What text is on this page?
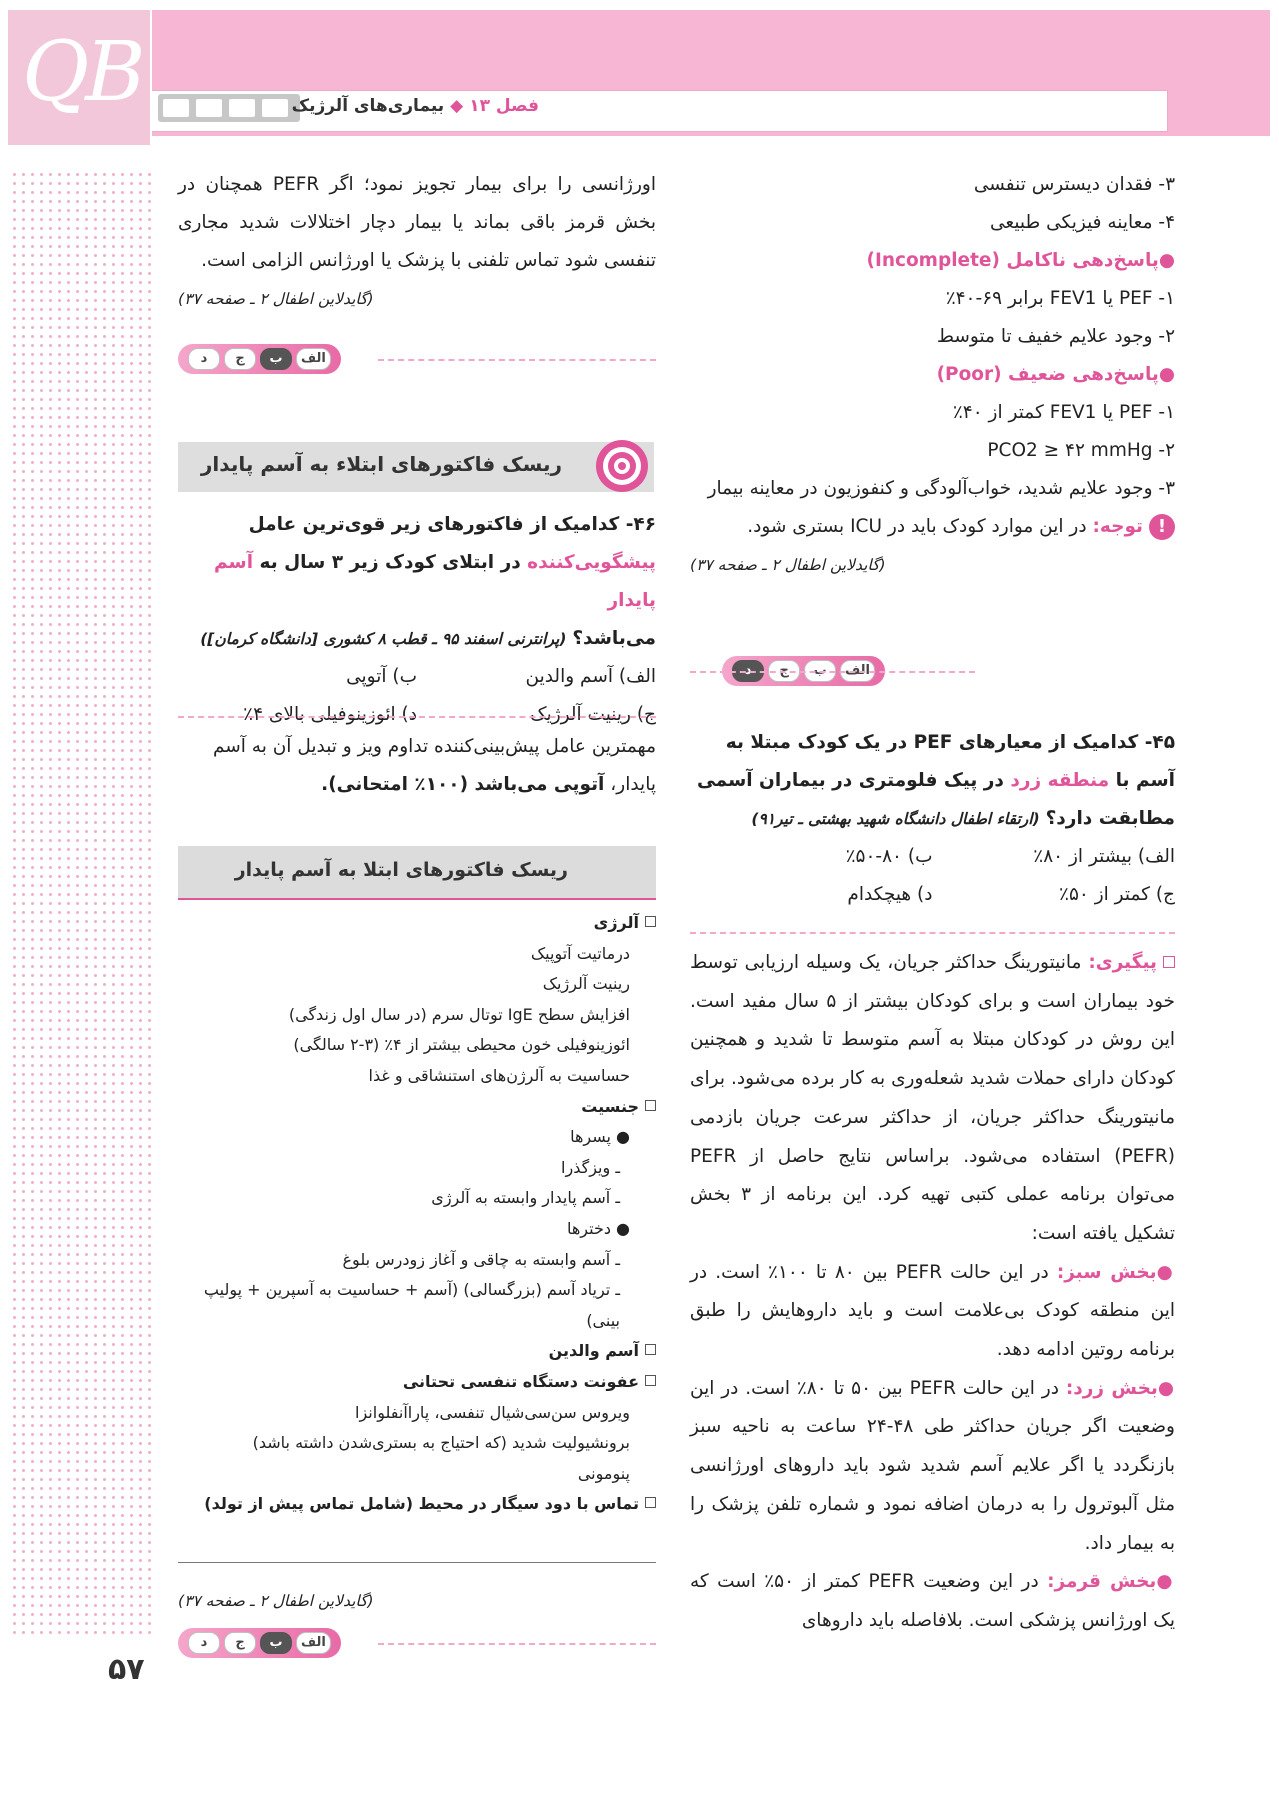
QB	فصل ۱۳◆بیماری‌های آلرژیک
۵۷

۳- فقدان دیسترس تنفسی

۴- معاینه فیزیکی طبیعی

●پاسخ‌دهی ناکامل (Incomplete)

۱- PEF یا FEV1 برابر ۶۹-۴۰٪

۲- وجود علایم خفیف تا متوسط

●پاسخ‌دهی ضعیف (Poor)

۱- PEF یا FEV1 کمتر از ۴۰٪

۲- PCO2 ≥ ۴۲ mmHg

۳- وجود علایم شدید، خواب‌آلودگی و کنفوزیون در معاینه بیمار

!توجه: در این موارد کودک باید در ICU بستری شود.

(گایدلاین اطفال ۲ ـ صفحه ۳۷)

الف
ب
ج
د

۴۵- کدامیک از معیارهای PEF در یک کودک مبتلا به

آسم با منطقه زرد در پیک فلومتری در بیماران آسمی

مطابقت دارد؟ (ارتقاء اطفال دانشگاه شهید بهشتی ـ تیر۹۱)

الف) بیشتر از ۸۰٪
ب) ۸۰-۵۰٪
ج) کمتر از ۵۰٪
د) هیچکدام

پیگیری: مانیتورینگ حداکثر جریان، یک وسیله ارزیابی توسط خود بیماران است و برای کودکان بیشتر از ۵ سال مفید است. این روش در کودکان مبتلا به آسم متوسط تا شدید و همچنین کودکان دارای حملات شدید شعله‌وری به کار برده می‌شود. برای مانیتورینگ حداکثر جریان، از حداکثر سرعت جریان بازدمی (PEFR) استفاده می‌شود. براساس نتایج حاصل از PEFR می‌توان برنامه عملی کتبی تهیه کرد. این برنامه از ۳ بخش تشکیل یافته است:

●بخش سبز: در این حالت PEFR بین ۸۰ تا ۱۰۰٪ است. در این منطقه کودک بی‌علامت است و باید داروهایش را طبق برنامه روتین ادامه دهد.

●بخش زرد: در این حالت PEFR بین ۵۰ تا ۸۰٪ است. در این وضعیت اگر جریان حداکثر طی ۴۸-۲۴ ساعت به ناحیه سبز بازنگردد یا اگر علایم آسم شدید شود باید داروهای اورژانسی مثل آلبوترول را به درمان اضافه نمود و شماره تلفن پزشک را به بیمار داد.

●بخش قرمز: در این وضعیت PEFR کمتر از ۵۰٪ است که یک اورژانس پزشکی است. بلافاصله باید داروهای

اورژانسی را برای بیمار تجویز نمود؛ اگر PEFR همچنان در بخش قرمز باقی بماند یا بیمار دچار اختلالات شدید مجاری تنفسی شود تماس تلفنی با پزشک یا اورژانس الزامی است.

(گایدلاین اطفال ۲ ـ صفحه ۳۷)

الف
ب
ج
د
ریسک فاکتورهای ابتلاء به آسم پایدار

۴۶- کدامیک از فاکتورهای زیر قوی‌ترین عامل

پیشگویی‌کننده در ابتلای کودک زیر ۳ سال به آسم پایدار

می‌باشد؟ (پرانترنی اسفند ۹۵ ـ قطب ۸ کشوری [دانشگاه کرمان])

الف) آسم والدین
ب) آتوپی
ج) رینیت آلرژیک
د) ائوزینوفیلی بالای ۴٪

مهمترین عامل پیش‌بینی‌کننده تداوم ویز و تبدیل آن به آسم پایدار، آتوپی می‌باشد (۱۰۰٪ امتحانی).

ریسک فاکتورهای ابتلا به آسم پایدار
آلرژی
درماتیت آتوپیک
رینیت آلرژیک
افزایش سطح IgE توتال سرم (در سال اول زندگی)
ائوزینوفیلی خون محیطی بیشتر از ۴٪ (۳-۲ سالگی)
حساسیت به آلرژن‌های استنشاقی و غذا
جنسیت
● پسرها
ـ ویزگذرا
ـ آسم پایدار وابسته به آلرژی
● دخترها
ـ آسم وابسته به چاقی و آغاز زودرس بلوغ
ـ تریاد آسم (بزرگسالی) (آسم + حساسیت به آسپرین + پولیپ بینی)
آسم والدین
عفونت دستگاه تنفسی تحتانی
ویروس سن‌سی‌شیال تنفسی، پاراآنفلوانزا
برونشیولیت شدید (که احتیاج به بستری‌شدن داشته باشد)
پنومونی
تماس با دود سیگار در محیط (شامل تماس پیش از تولد)

(گایدلاین اطفال ۲ ـ صفحه ۳۷)

الف
ب
ج
د
